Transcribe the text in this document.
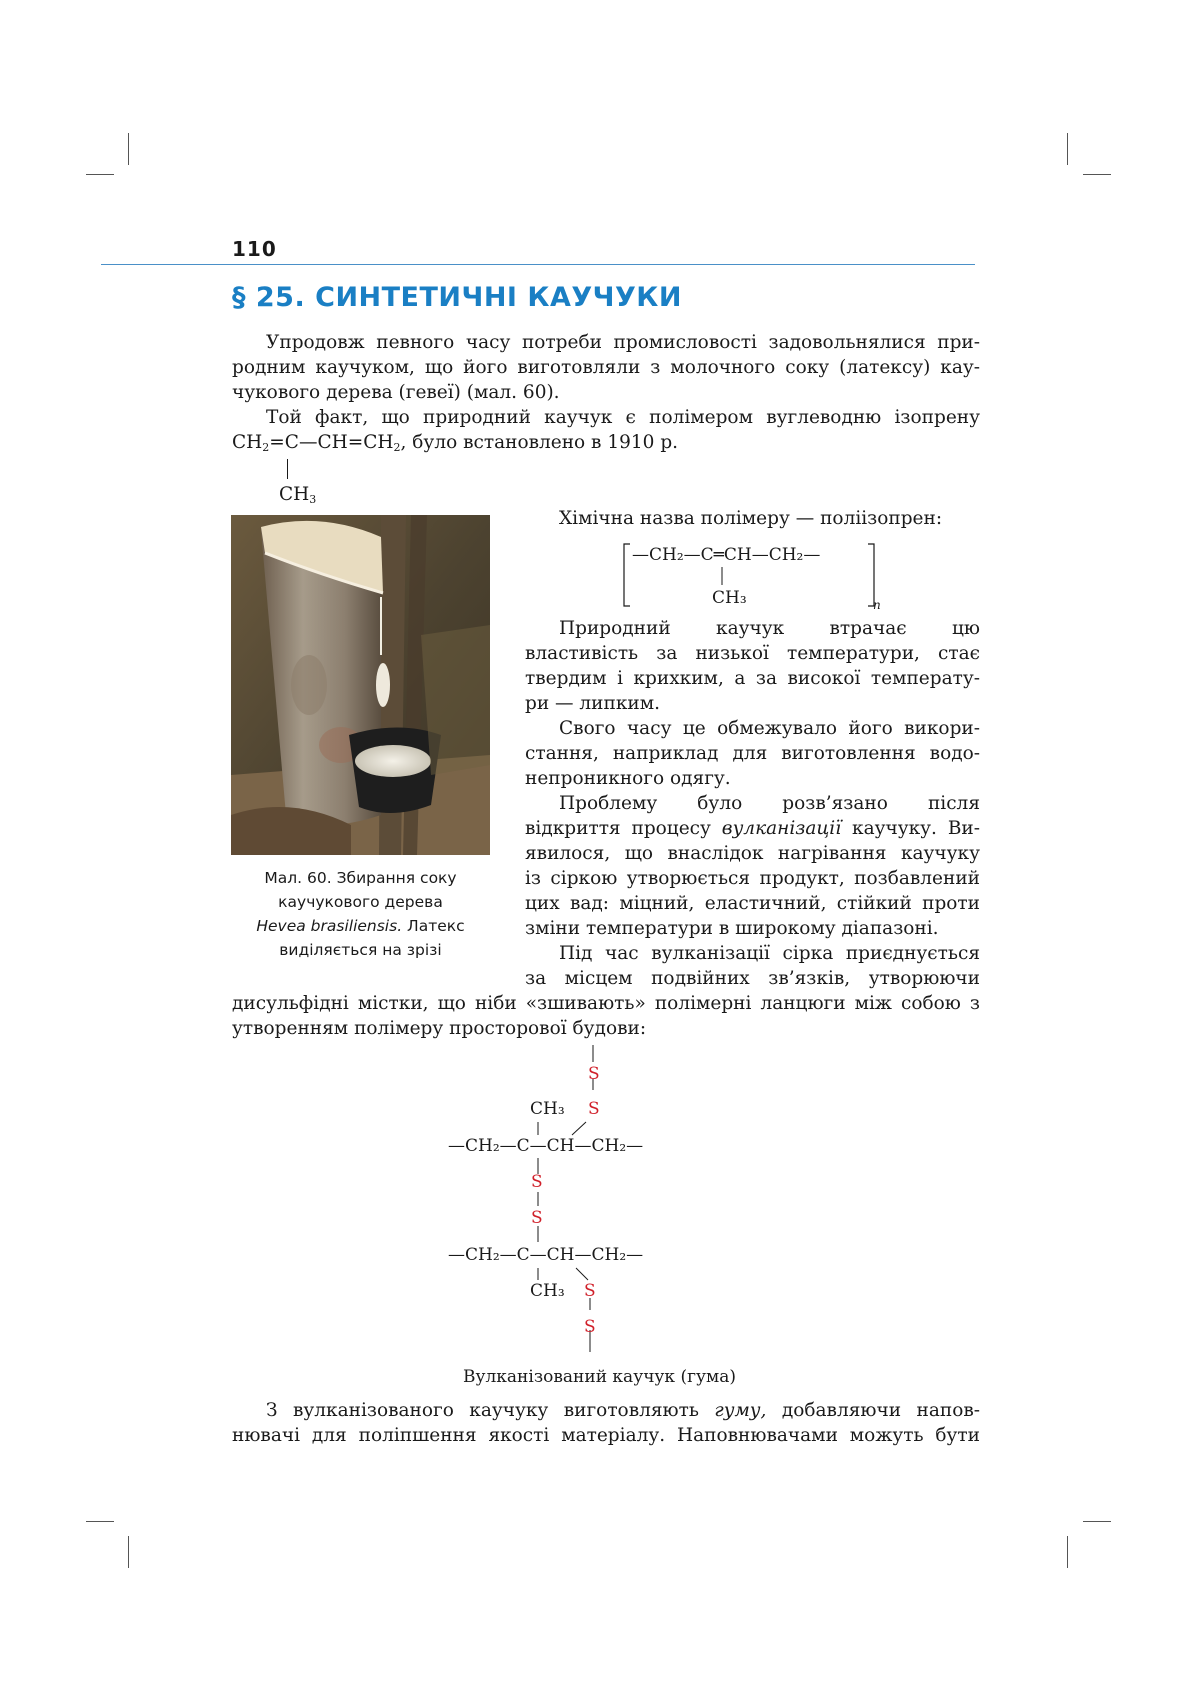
110
§ 25. СИНТЕТИЧНІ КАУЧУКИ
Упродовж певного часу потреби промисловості задовольнялися при-
родним каучуком, що його виготовляли з молочного соку (латексу) кау-
чукового дерева (гевеї) (мал. 60).
Той факт, що природний каучук є полімером вуглеводню ізопрену
$CH_2=C—CH=CH_2$, було встановлено в 1910 р.
$CH_3$
Мал. 60. Збирання соку
каучукового дерева
Hevea brasiliensis. Латекс
виділяється на зрізі
Хімічна назва полімеру — поліізопрен:
—CH₂—C═CH—CH₂—
CH₃	n
Природний каучук втрачає цю
властивість за низької температури, стає
твердим і крихким, а за високої температу-
ри — липким.
Свого часу це обмежувало його викори-
стання, наприклад для виготовлення водо-
непроникного одягу.
Проблему було розв’язано після
відкриття процесу вулканізації каучуку. Ви-
явилося, що внаслідок нагрівання каучуку
із сіркою утворюється продукт, позбавлений
цих вад: міцний, еластичний, стійкий проти
зміни температури в широкому діапазоні.
Під час вулканізації сірка приєднується
за місцем подвійних зв’язків, утворюючи
дисульфідні містки, що ніби «зшивають» полімерні ланцюги між собою з
утворенням полімеру просторової будови:
S
S
CH₃
—CH₂—C—CH—CH₂—
S
S
—CH₂—C—CH—CH₂—
CH₃ S
S
Вулканізований каучук (гума)
З вулканізованого каучуку виготовляють гуму, добавляючи напов-
нювачі для поліпшення якості матеріалу. Наповнювачами можуть бути
